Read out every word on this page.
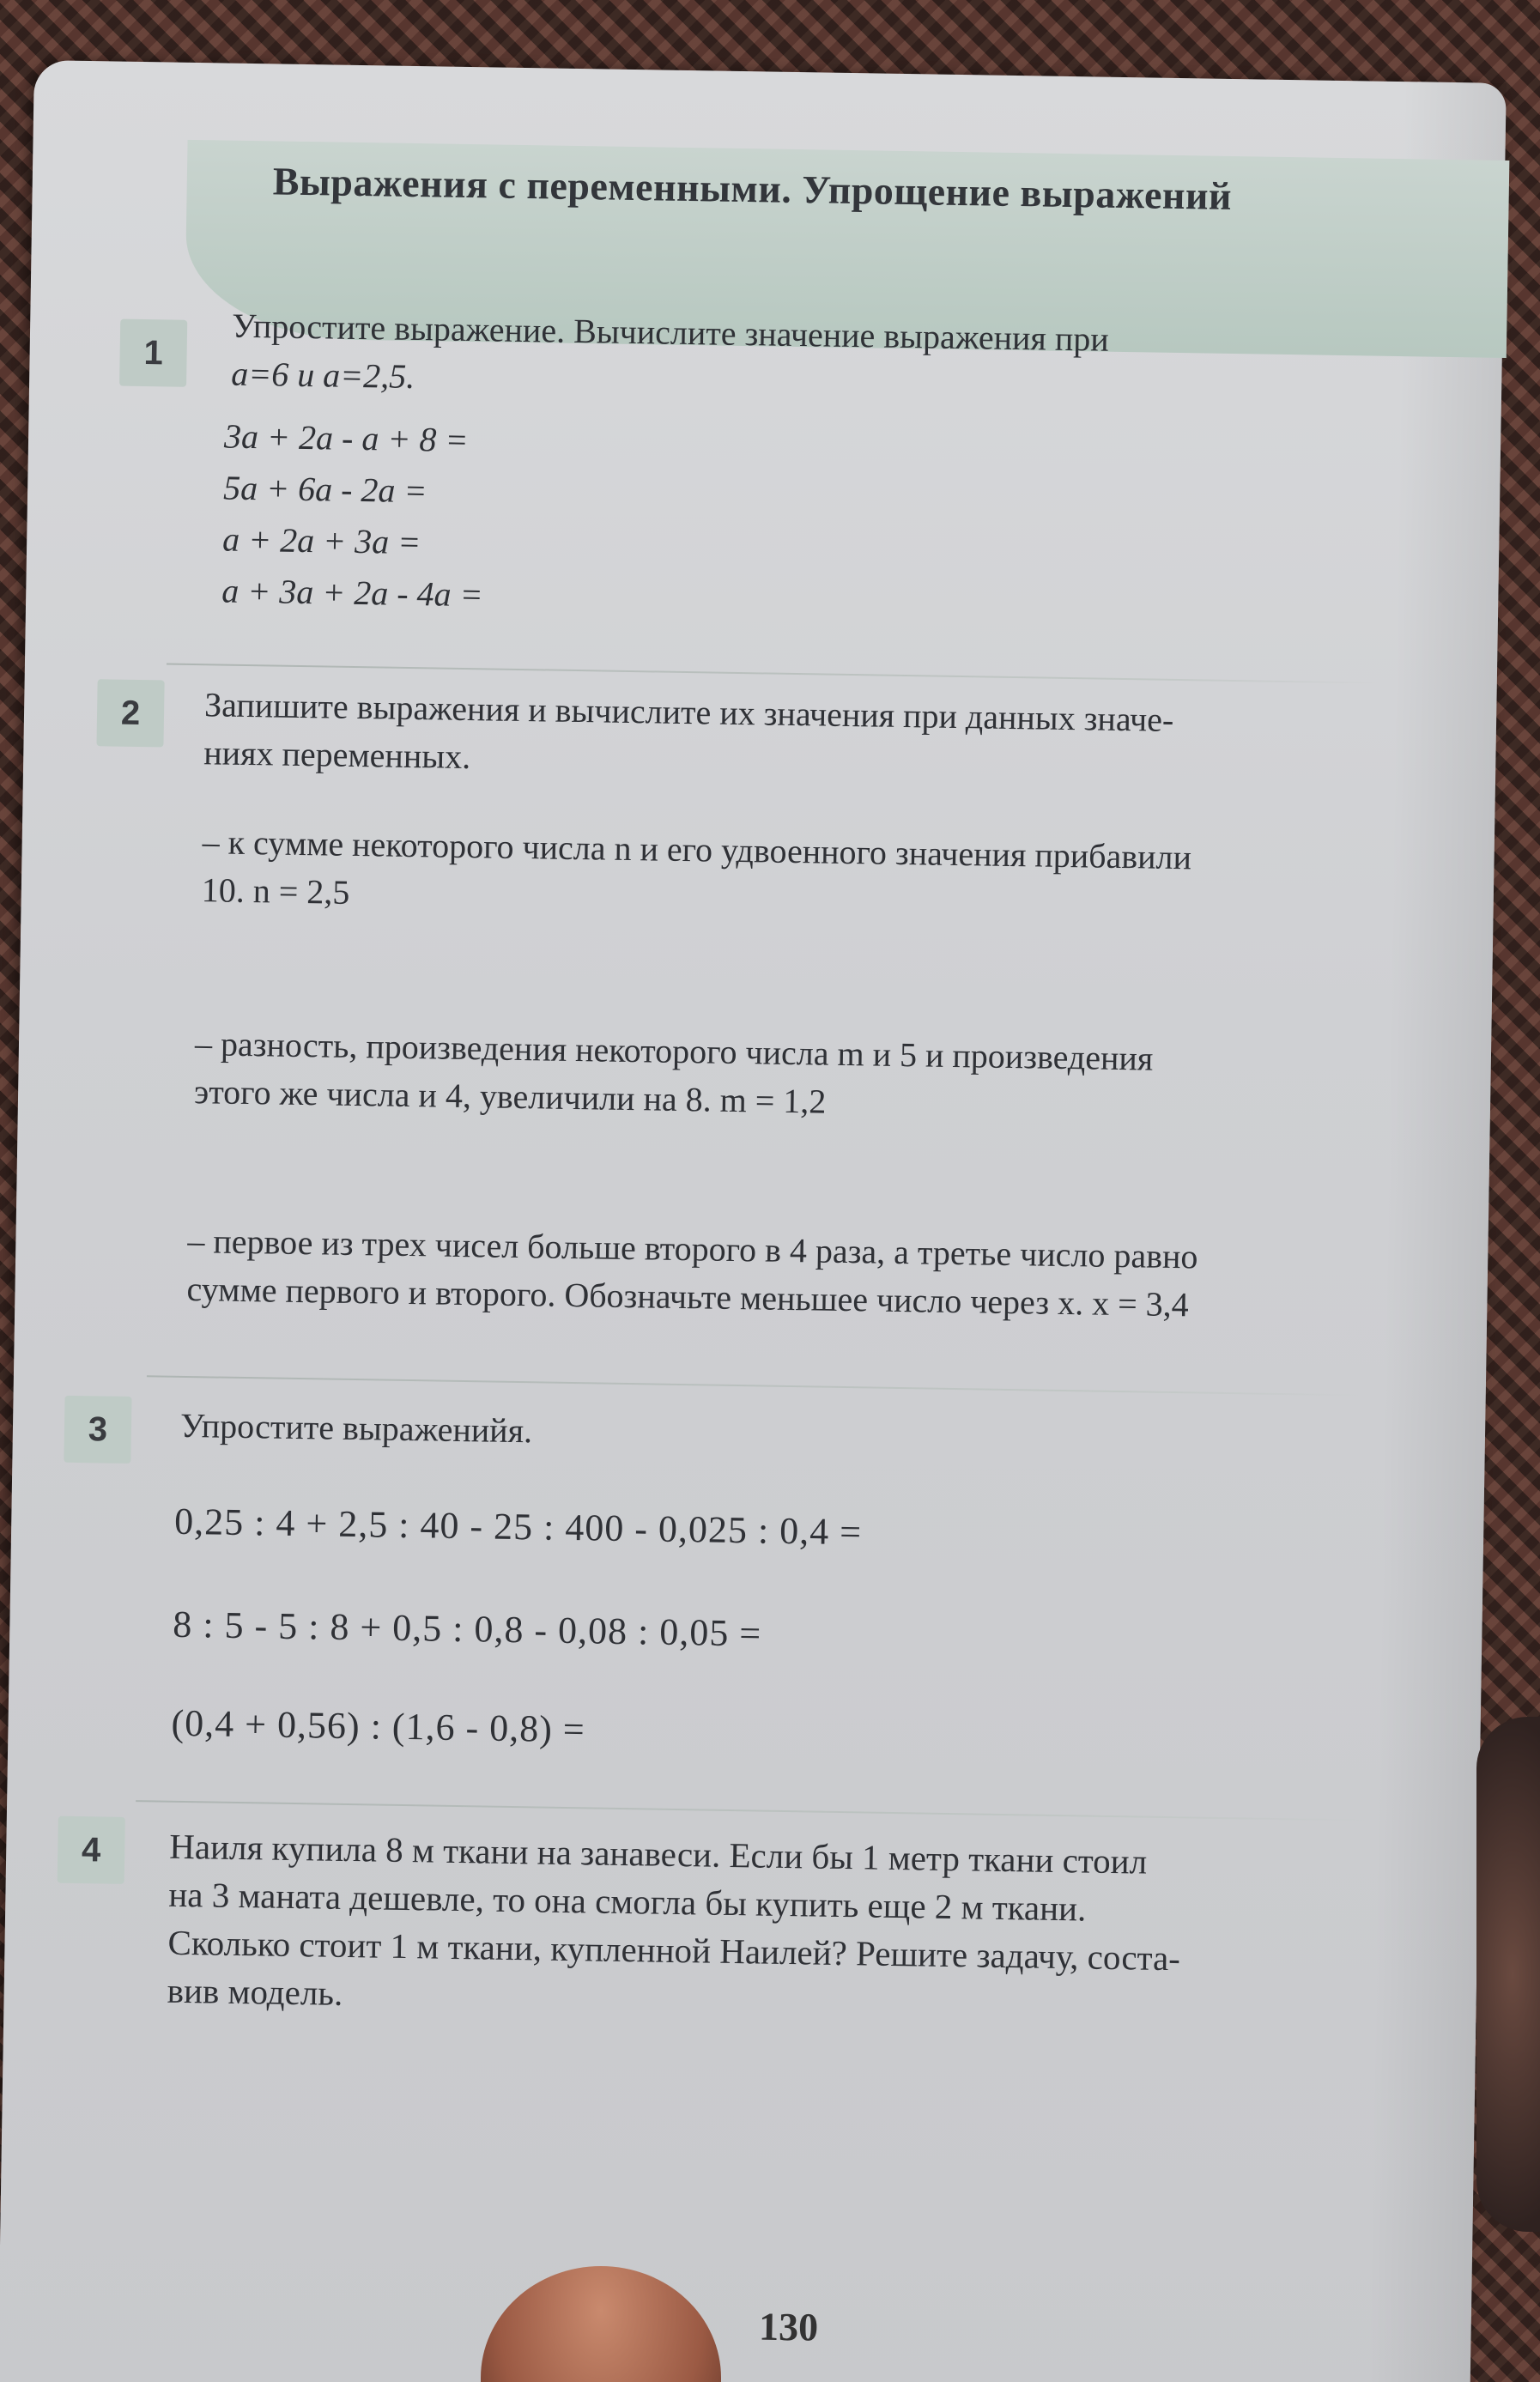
Выражения с переменными. Упрощение выражений
1	Упростите выражение. Вычислите значение выражения при
a=6 и a=2,5.
3a + 2a - a + 8 =
5a + 6a - 2a =
a + 2a + 3a =
a + 3a + 2a - 4a =
2	Запишите выражения и вычислите их значения при данных значе-
ниях переменных.
– к сумме некоторого числа n и его удвоенного значения прибавили
10. n = 2,5
– разность, произведения некоторого числа m и 5 и произведения
этого же числа и 4, увеличили на 8. m = 1,2
– первое из трех чисел больше второго в 4 раза, а третье число равно
сумме первого и второго. Обозначьте меньшее число через x. x = 3,4
3	Упростите выраженийя.
0,25 : 4 + 2,5 : 40 - 25 : 400 - 0,025 : 0,4 =
8 : 5 - 5 : 8 + 0,5 : 0,8 - 0,08 : 0,05 =
(0,4 + 0,56) : (1,6 - 0,8) =
4	Наиля купила 8 м ткани на занавеси. Если бы 1 метр ткани стоил
на 3 маната дешевле, то она смогла бы купить еще 2 м ткани.
Сколько стоит 1 м ткани, купленной Наилей? Решите задачу, соста-
вив модель.
130
